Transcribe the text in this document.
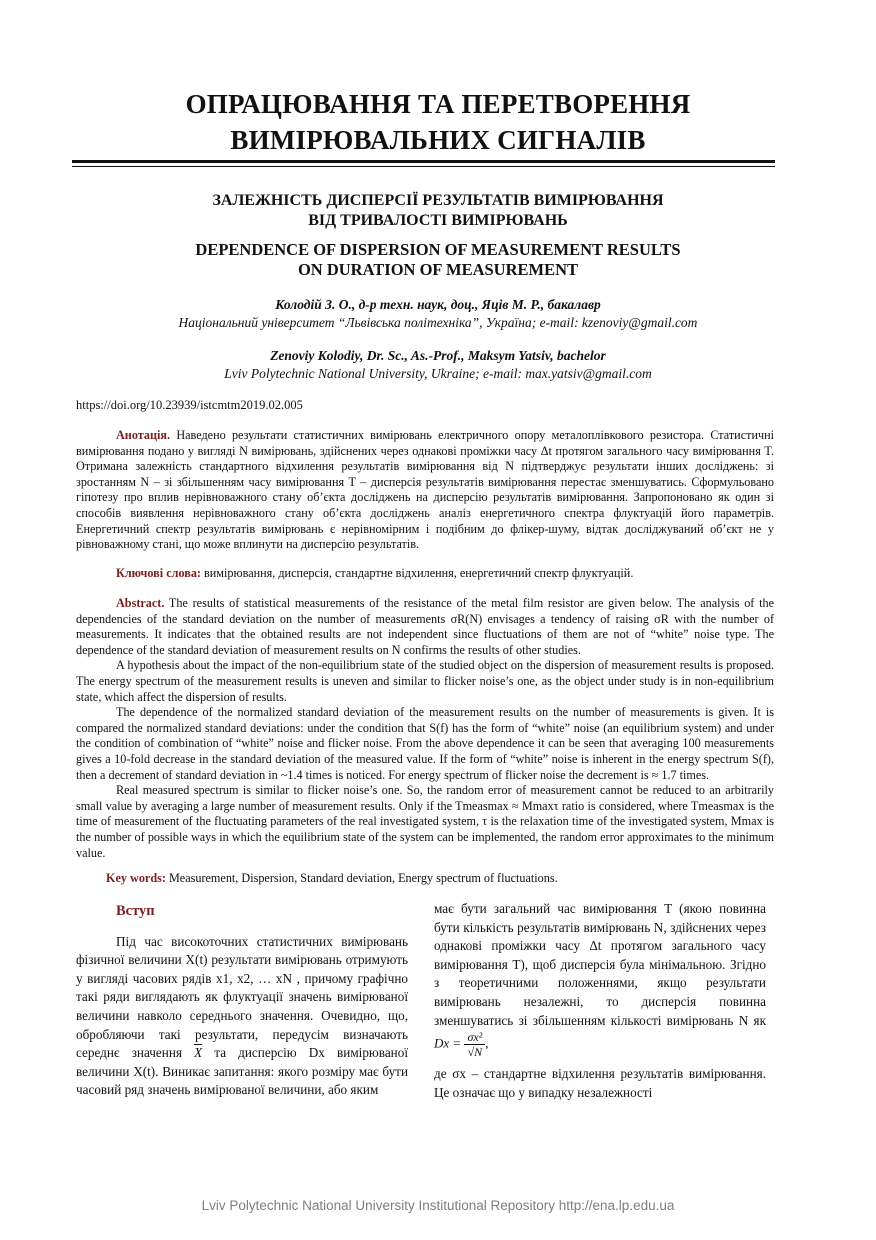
ОПРАЦЮВАННЯ ТА ПЕРЕТВОРЕННЯ
ВИМІРЮВАЛЬНИХ СИГНАЛІВ
ЗАЛЕЖНІСТЬ ДИСПЕРСІЇ РЕЗУЛЬТАТІВ ВИМІРЮВАННЯ
ВІД ТРИВАЛОСТІ ВИМІРЮВАНЬ
DEPENDENCE OF DISPERSION OF MEASUREMENT RESULTS
ON DURATION OF MEASUREMENT
Колодій З. О., д-р техн. наук, доц., Яців М. Р., бакалавр
Національний університет “Львівська політехніка”, Україна; e-mail: kzenoviy@gmail.com
Zenoviy Kolodiy, Dr. Sc., As.-Prof., Maksym Yatsiv, bachelor
Lviv Polytechnic National University, Ukraine; e-mail: max.yatsiv@gmail.com
https://doi.org/10.23939/istcmtm2019.02.005

Анотація. Наведено результати статистичних вимірювань електричного опору металоплівкового резистора. Статистичні вимірювання подано у вигляді N вимірювань, здійснених через однакові проміжки часу Δt протягом загального часу вимірювання T. Отримана залежність стандартного відхилення результатів вимірювання від N підтверджує результати інших досліджень: зі зростанням N – зі збільшенням часу вимірювання T – дисперсія результатів вимірювання перестає зменшуватись. Сформульовано гіпотезу про вплив нерівноважного стану об’єкта досліджень на дисперсію результатів вимірювання. Запропоновано як один зі способів виявлення нерівноважного стану об’єкта досліджень аналіз енергетичного спектра флуктуацій його параметрів. Енергетичний спектр результатів вимірювань є нерівномірним і подібним до флікер-шуму, відтак досліджуваний об’єкт не у рівноважному стані, що може вплинути на дисперсію результатів.

Ключові слова: вимірювання, дисперсія, стандартне відхилення, енергетичний спектр флуктуацій.

Abstract. The results of statistical measurements of the resistance of the metal film resistor are given below. The analysis of the dependencies of the standard deviation on the number of measurements σR(N) envisages a tendency of raising σR with the number of measurements. It indicates that the obtained results are not independent since fluctuations of them are not of “white” noise type. The dependence of the standard deviation of measurement results on N confirms the results of other studies.

A hypothesis about the impact of the non-equilibrium state of the studied object on the dispersion of measurement results is proposed. The energy spectrum of the measurement results is uneven and similar to flicker noise’s one, as the object under study is in non-equilibrium state, which affect the dispersion of results.

The dependence of the normalized standard deviation of the measurement results on the number of measurements is given. It is compared the normalized standard deviations: under the condition that S(f) has the form of “white” noise (an equilibrium system) and under the condition of combination of “white” noise and flicker noise. From the above dependence it can be seen that averaging 100 measurements gives a 10-fold decrease in the standard deviation of the measured value. If the form of “white” noise is inherent in the energy spectrum S(f), then a decrement of standard deviation in ~1.4 times is noticed. For energy spectrum of flicker noise the decrement is ≈ 1.7 times.

Real measured spectrum is similar to flicker noise’s one. So, the random error of measurement cannot be reduced to an arbitrarily small value by averaging a large number of measurement results. Only if the Tmeasmax ≈ Mmaxτ ratio is considered, where Tmeasmax is the time of measurement of the fluctuating parameters of the real investigated system, τ is the relaxation time of the investigated system, Mmax is the number of possible ways in which the equilibrium state of the system can be implemented, the random error approximates to the minimum value.

Key words: Measurement, Dispersion, Standard deviation, Energy spectrum of fluctuations.

Вступ

Під час високоточних статистичних вимірювань фізичної величини X(t) результати вимірювань отримують у вигляді часових рядів x1, x2, … xN , причому графічно такі ряди виглядають як флуктуації значень вимірюваної величини навколо середнього значення. Очевидно, що, обробляючи такі результати, передусім визначають середнє значення $\overline{X}$ та дисперсію Dx вимірюваної величини X(t). Виникає запитання: якого розміру має бути часовий ряд значень вимірюваної величини, або яким

має бути загальний час вимірювання T (якою повинна бути кількість результатів вимірювань N, здійснених через однакові проміжки часу Δt протягом загального часу вимірювання T), щоб дисперсія була мінімальною. Згідно з теоретичними положеннями, якщо результати вимірювань незалежні, то дисперсія повинна зменшуватись зі збільшенням кількості вимірювань N як $Dx = \frac{\text{σx²}}{√N}$ ,

де σx – стандартне відхилення результатів вимірювання. Це означає що у випадку незалежності

Lviv Polytechnic National University Institutional Repository http://ena.lp.edu.ua
